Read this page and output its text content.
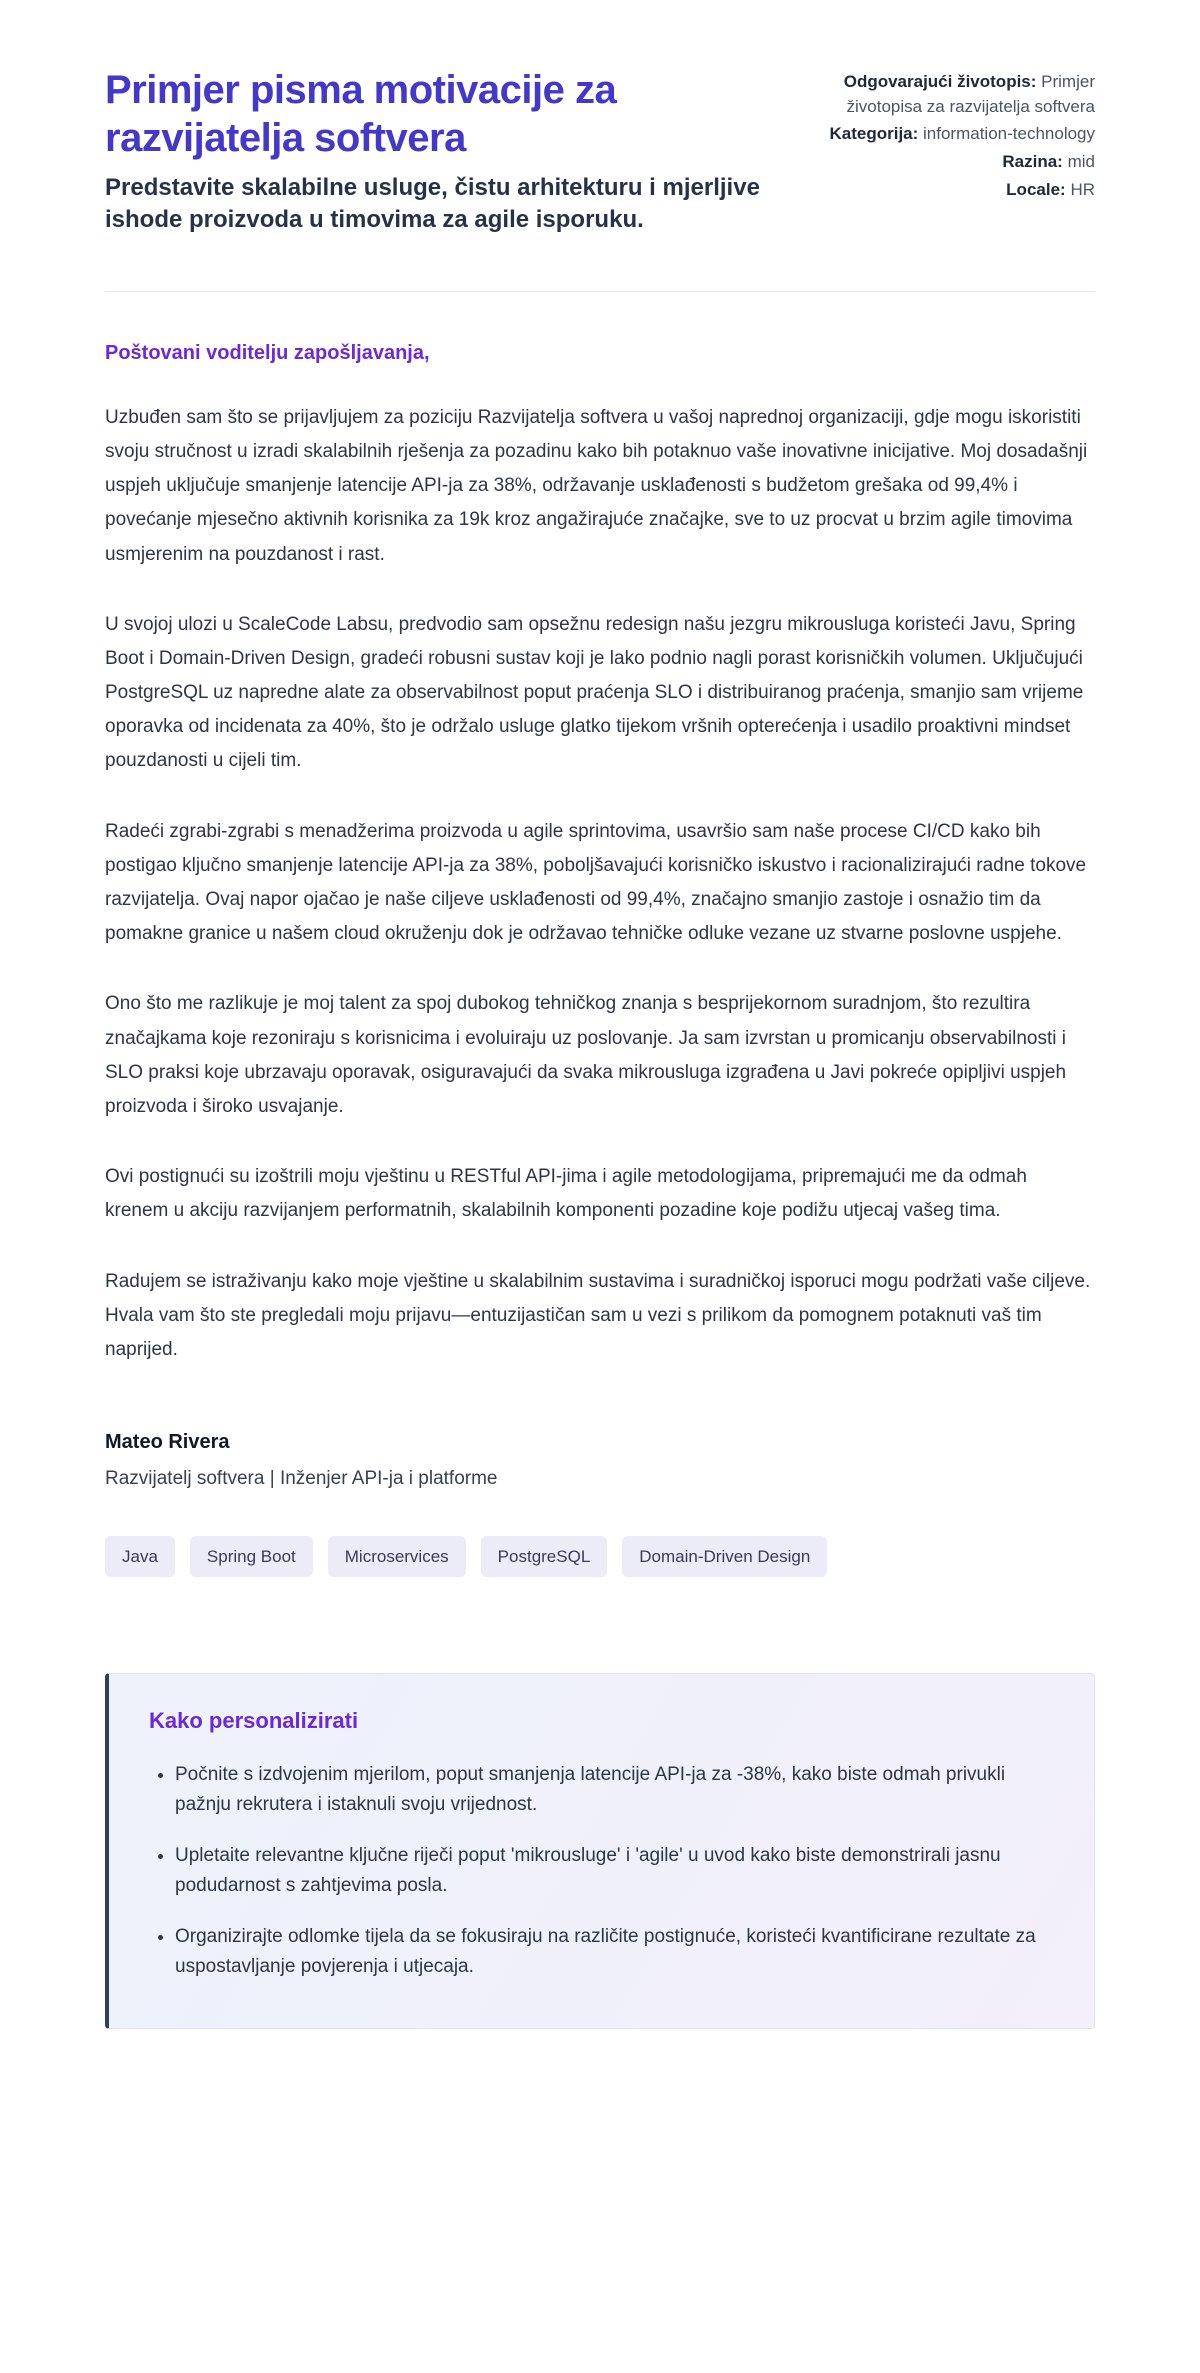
Primjer pisma motivacije za razvijatelja softvera

Predstavite skalabilne usluge, čistu arhitekturu i mjerljive ishode proizvoda u timovima za agile isporuku.

Odgovarajući životopis: Primjer životopisa za razvijatelja softvera
Kategorija: information-technology
Razina: mid
Locale: HR

Poštovani voditelju zapošljavanja,

Uzbuđen sam što se prijavljujem za poziciju Razvijatelja softvera u vašoj naprednoj organizaciji, gdje mogu iskoristiti svoju stručnost u izradi skalabilnih rješenja za pozadinu kako bih potaknuo vaše inovativne inicijative. Moj dosadašnji uspjeh uključuje smanjenje latencije API-ja za 38%, održavanje usklađenosti s budžetom grešaka od 99,4% i povećanje mjesečno aktivnih korisnika za 19k kroz angažirajuće značajke, sve to uz procvat u brzim agile timovima usmjerenim na pouzdanost i rast.

U svojoj ulozi u ScaleCode Labsu, predvodio sam opsežnu redesign našu jezgru mikrousluga koristeći Javu, Spring Boot i Domain-Driven Design, gradeći robusni sustav koji je lako podnio nagli porast korisničkih volumen. Uključujući PostgreSQL uz napredne alate za observabilnost poput praćenja SLO i distribuiranog praćenja, smanjio sam vrijeme oporavka od incidenata za 40%, što je održalo usluge glatko tijekom vršnih opterećenja i usadilo proaktivni mindset pouzdanosti u cijeli tim.

Radeći zgrabi-zgrabi s menadžerima proizvoda u agile sprintovima, usavršio sam naše procese CI/CD kako bih postigao ključno smanjenje latencije API-ja za 38%, poboljšavajući korisničko iskustvo i racionalizirajući radne tokove razvijatelja. Ovaj napor ojačao je naše ciljeve usklađenosti od 99,4%, značajno smanjio zastoje i osnažio tim da pomakne granice u našem cloud okruženju dok je održavao tehničke odluke vezane uz stvarne poslovne uspjehe.

Ono što me razlikuje je moj talent za spoj dubokog tehničkog znanja s besprijekornom suradnjom, što rezultira značajkama koje rezoniraju s korisnicima i evoluiraju uz poslovanje. Ja sam izvrstan u promicanju observabilnosti i SLO praksi koje ubrzavaju oporavak, osiguravajući da svaka mikrousluga izgrađena u Javi pokreće opipljivi uspjeh proizvoda i široko usvajanje.

Ovi postignući su izoštrili moju vještinu u RESTful API-jima i agile metodologijama, pripremajući me da odmah krenem u akciju razvijanjem performatnih, skalabilnih komponenti pozadine koje podižu utjecaj vašeg tima.

Radujem se istraživanju kako moje vještine u skalabilnim sustavima i suradničkoj isporuci mogu podržati vaše ciljeve. Hvala vam što ste pregledali moju prijavu—entuzijastičan sam u vezi s prilikom da pomognem potaknuti vaš tim naprijed.

Mateo Rivera

Razvijatelj softvera | Inženjer API-ja i platforme

Java	Spring Boot	Microservices	PostgreSQL	Domain-Driven Design
Kako personalizirati
• Počnite s izdvojenim mjerilom, poput smanjenja latencije API-ja za -38%, kako biste odmah privukli pažnju rekrutera i istaknuli svoju vrijednost.
• Upletaite relevantne ključne riječi poput 'mikrousluge' i 'agile' u uvod kako biste demonstrirali jasnu podudarnost s zahtjevima posla.
• Organizirajte odlomke tijela da se fokusiraju na različite postignuće, koristeći kvantificirane rezultate za uspostavljanje povjerenja i utjecaja.
